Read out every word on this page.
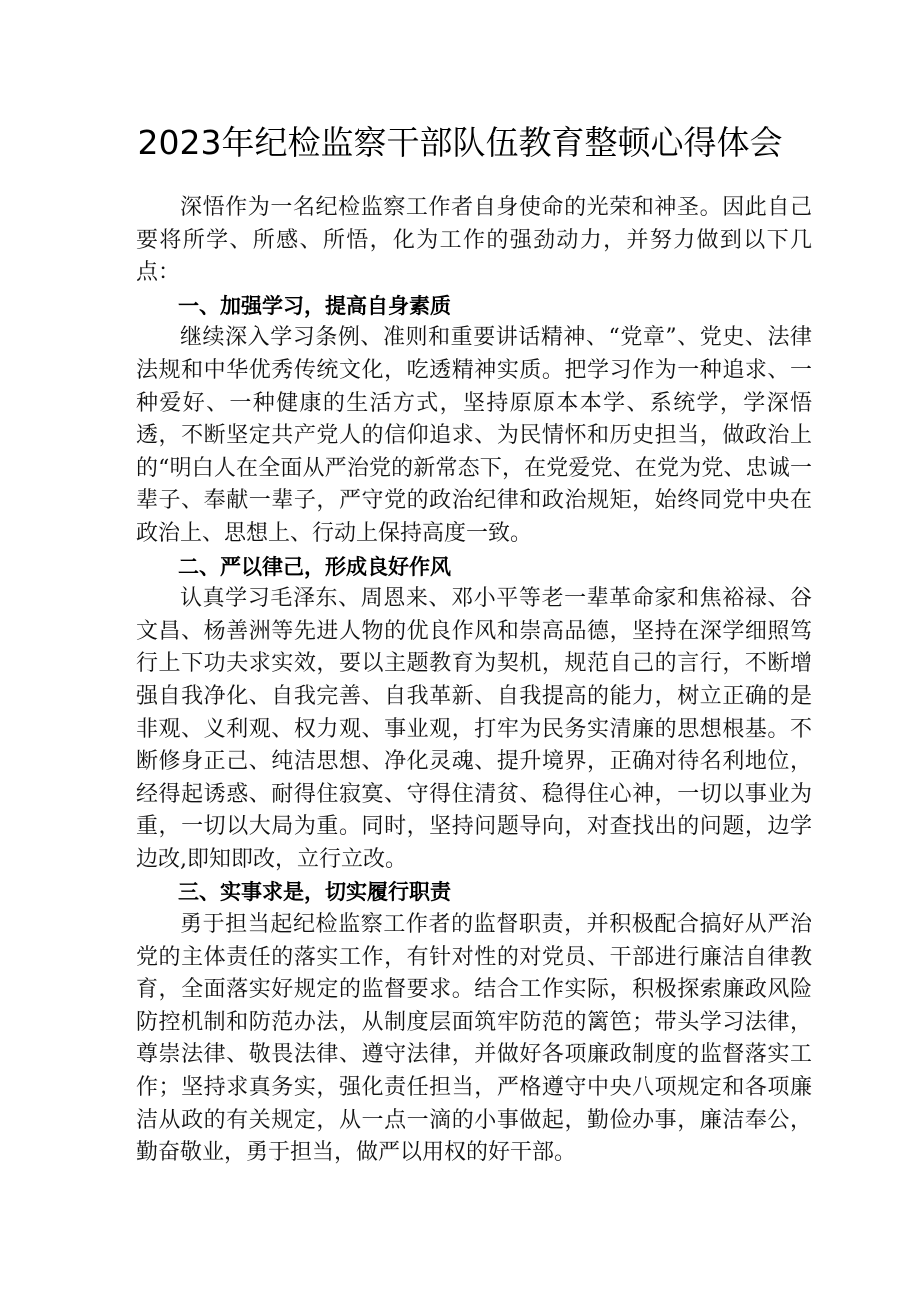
2023年纪检监察干部队伍教育整顿心得体会

深悟作为一名纪检监察工作者自身使命的光荣和神圣。因此自己要将所学、所感、所悟，化为工作的强劲动力，并努力做到以下几点：

一、加强学习，提高自身素质

继续深入学习条例、准则和重要讲话精神、“党章”、党史、法律法规和中华优秀传统文化，吃透精神实质。把学习作为一种追求、一种爱好、一种健康的生活方式，坚持原原本本学、系统学，学深悟透，不断坚定共产党人的信仰追求、为民情怀和历史担当，做政治上的“明白人在全面从严治党的新常态下，在党爱党、在党为党、忠诚一辈子、奉献一辈子，严守党的政治纪律和政治规矩，始终同党中央在政治上、思想上、行动上保持高度一致。

二、严以律己，形成良好作风

认真学习毛泽东、周恩来、邓小平等老一辈革命家和焦裕禄、谷文昌、杨善洲等先进人物的优良作风和崇高品德，坚持在深学细照笃行上下功夫求实效，要以主题教育为契机，规范自己的言行，不断增强自我净化、自我完善、自我革新、自我提高的能力，树立正确的是非观、义利观、权力观、事业观，打牢为民务实清廉的思想根基。不断修身正己、纯洁思想、净化灵魂、提升境界，正确对待名利地位，经得起诱惑、耐得住寂寞、守得住清贫、稳得住心神，一切以事业为重，一切以大局为重。同时，坚持问题导向，对查找出的问题，边学边改,即知即改，立行立改。

三、实事求是，切实履行职责

勇于担当起纪检监察工作者的监督职责，并积极配合搞好从严治党的主体责任的落实工作，有针对性的对党员、干部进行廉洁自律教育，全面落实好规定的监督要求。结合工作实际，积极探索廉政风险防控机制和防范办法，从制度层面筑牢防范的篱笆；带头学习法律，尊崇法律、敬畏法律、遵守法律，并做好各项廉政制度的监督落实工作；坚持求真务实，强化责任担当，严格遵守中央八项规定和各项廉洁从政的有关规定，从一点一滴的小事做起，勤俭办事，廉洁奉公，勤奋敬业，勇于担当，做严以用权的好干部。
